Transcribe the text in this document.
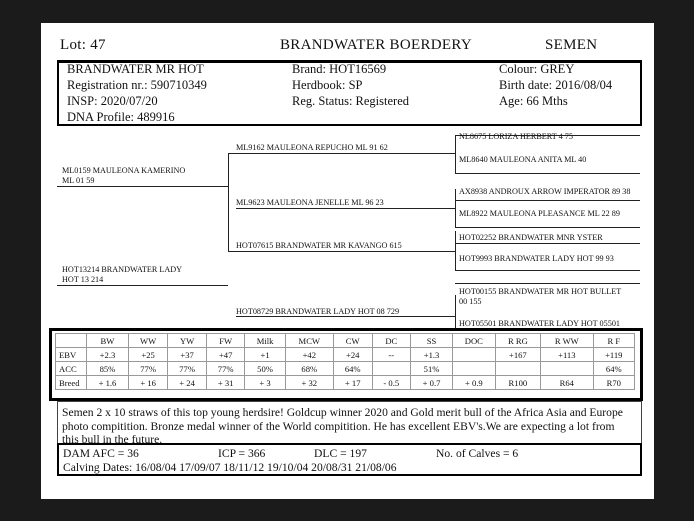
Lot: 47	BRANDWATER BOERDERY	SEMEN
BRANDWATER MR HOT
Registration nr.: 590710349
INSP: 2020/07/20
DNA Profile: 489916
Brand: HOT16569
Herdbook: SP
Reg. Status: Registered
Colour: GREY
Birth date: 2016/08/04
Age: 66 Mths
ML0159 MAULEONA KAMERINO
ML 01 59
HOT13214 BRANDWATER LADY
HOT 13 214
ML9162 MAULEONA REPUCHO ML 91 62
ML9623 MAULEONA JENELLE ML 96 23
HOT07615 BRANDWATER MR KAVANGO 615
HOT08729 BRANDWATER LADY HOT 08 729
NL8675 LORIZA HERBERT 4 75
ML8640 MAULEONA ANITA ML 40
AX8938 ANDROUX ARROW IMPERATOR 89 38
ML8922 MAULEONA PLEASANCE ML 22 89
HOT02252 BRANDWATER MNR YSTER
HOT9993 BRANDWATER LADY HOT 99 93
HOT00155 BRANDWATER MR HOT BULLET
00 155
HOT05501 BRANDWATER LADY HOT 05501
	BW	WW	YW	FW	Milk	MCW	CW	DC	SS	DOC	R RG	R WW	R F
EBV	+2.3	+25	+37	+47	+1	+42	+24	--	+1.3		+167	+113	+119
ACC	85%	77%	77%	77%	50%	68%	64%		51%				64%
Breed	+ 1.6	+ 16	+ 24	+ 31	+ 3	+ 32	+ 17	- 0.5	+ 0.7	+ 0.9	R100	R64	R70
Semen 2 x 10 straws of this top young herdsire! Goldcup winner 2020 and Gold merit bull of the Africa Asia and Europe photo compitition. Bronze medal winner of the World compitition. He has excellent EBV's.We are expecting a lot from this bull in the future.
DAM AFC = 36	ICP = 366	DLC = 197	No. of Calves = 6
Calving Dates: 16/08/04 17/09/07 18/11/12 19/10/04 20/08/31 21/08/06
